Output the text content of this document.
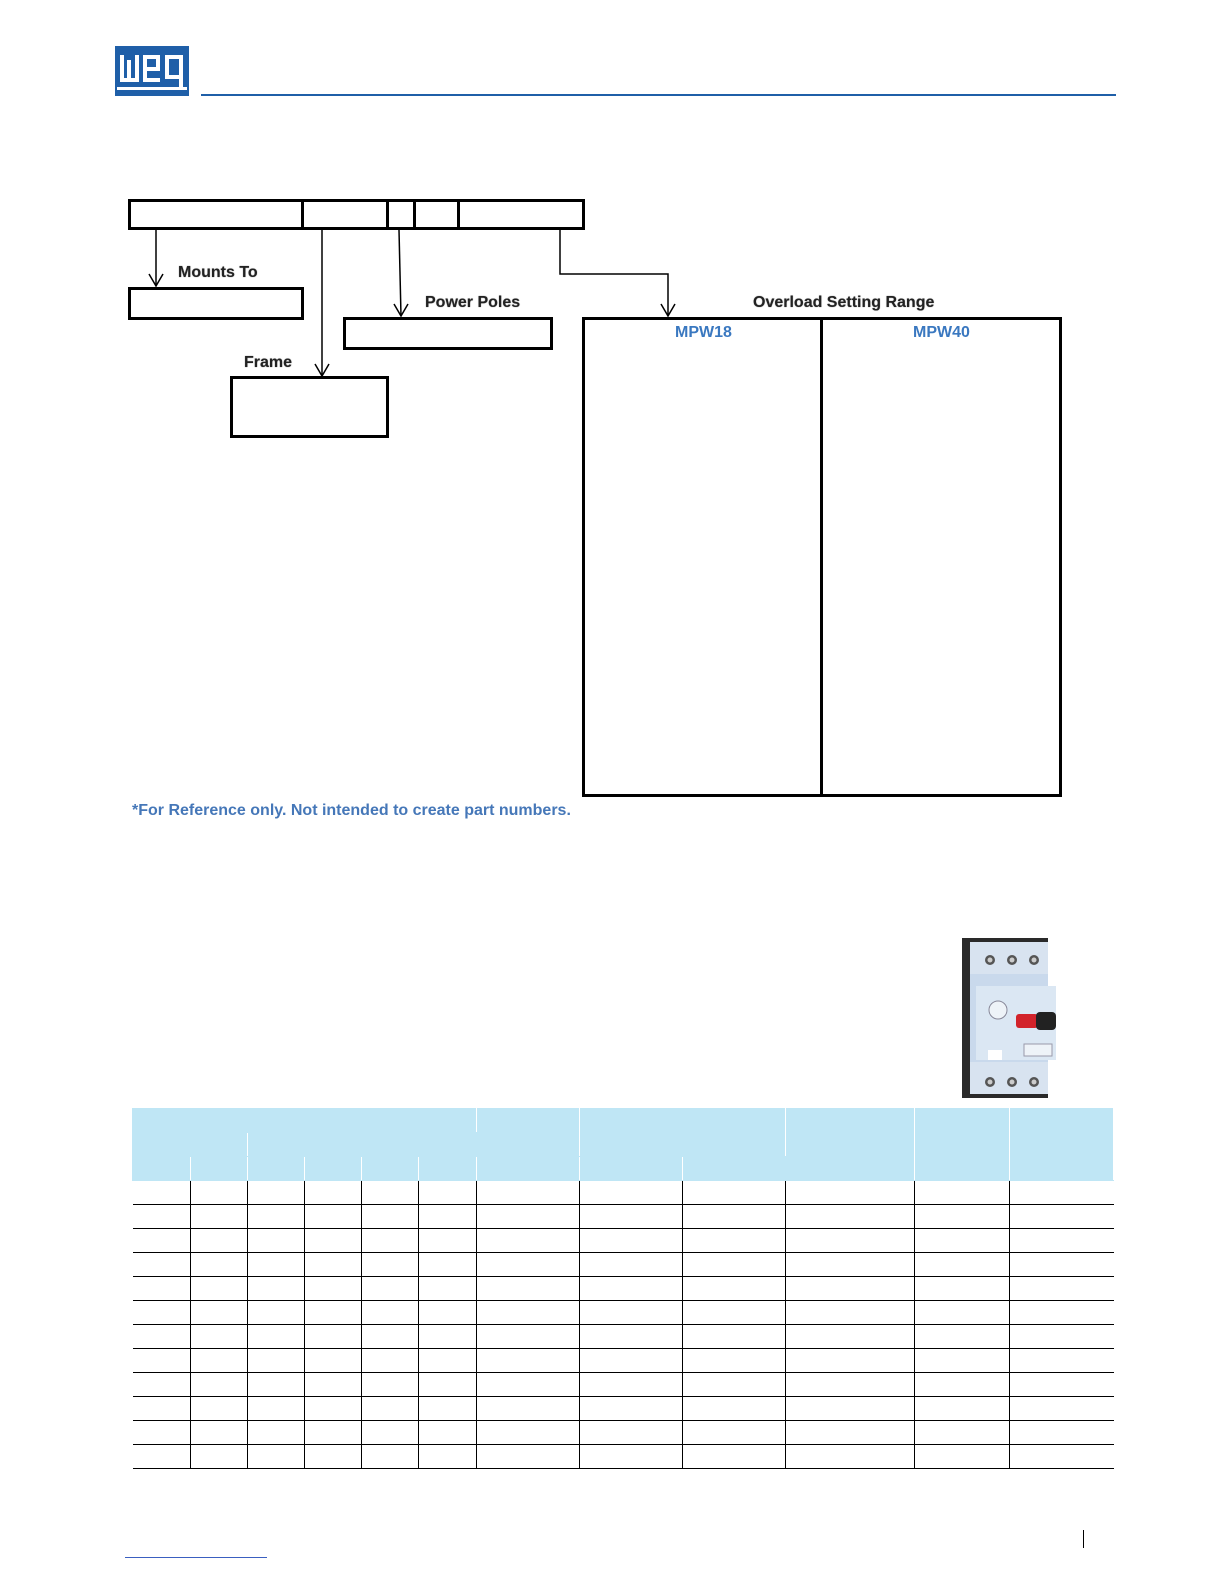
Mounts To
Power Poles
Frame
Overload Setting Range
MPW18	MPW40
*For Reference only. Not intended to create part numbers.
